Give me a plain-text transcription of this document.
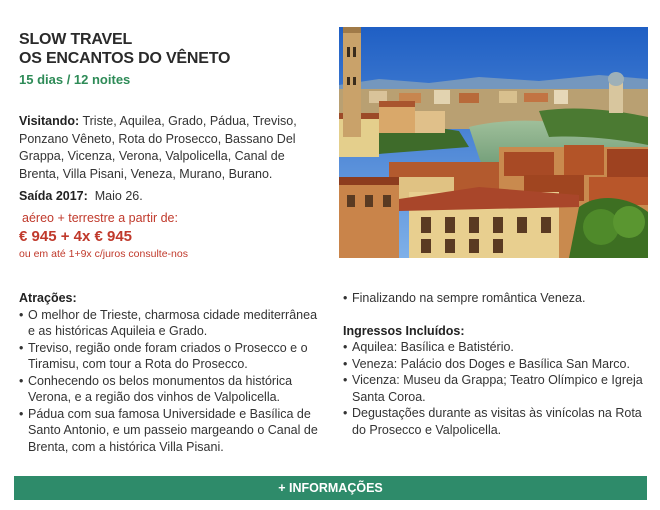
SLOW TRAVEL
OS ENCANTOS DO VÊNETO
15 dias / 12 noites
Visitando: Triste, Aquilea, Grado, Pádua, Treviso, Ponzano Vêneto, Rota do Prosecco, Bassano Del Grappa, Vicenza, Verona, Valpolicella, Canal de Brenta, Villa Pisani, Veneza, Murano, Burano.
Saída 2017: Maio 26.
aéreo + terrestre a partir de:
€ 945 + 4x € 945
ou em até 1+9x c/juros consulte-nos
Atrações:
• O melhor de Trieste, charmosa cidade mediterrânea e as históricas Aquileia e Grado.
• Treviso, região onde foram criados o Prosecco e o Tiramisu, com tour a Rota do Prosecco.
• Conhecendo os belos monumentos da histórica Verona, e a região dos vinhos de Valpolicella.
• Pádua com sua famosa Universidade e Basílica de Santo Antonio, e um passeio margeando o Canal de Brenta, com a histórica Villa Pisani.
• Finalizando na sempre romântica Veneza.
Ingressos Incluídos:
• Aquilea: Basílica e Batistério.
• Veneza: Palácio dos Doges e Basílica San Marco.
• Vicenza: Museu da Grappa; Teatro Olímpico e Igreja Santa Coroa.
• Degustações durante as visitas às vinícolas na Rota do Prosecco e Valpolicella.
+ INFORMAÇÕES
